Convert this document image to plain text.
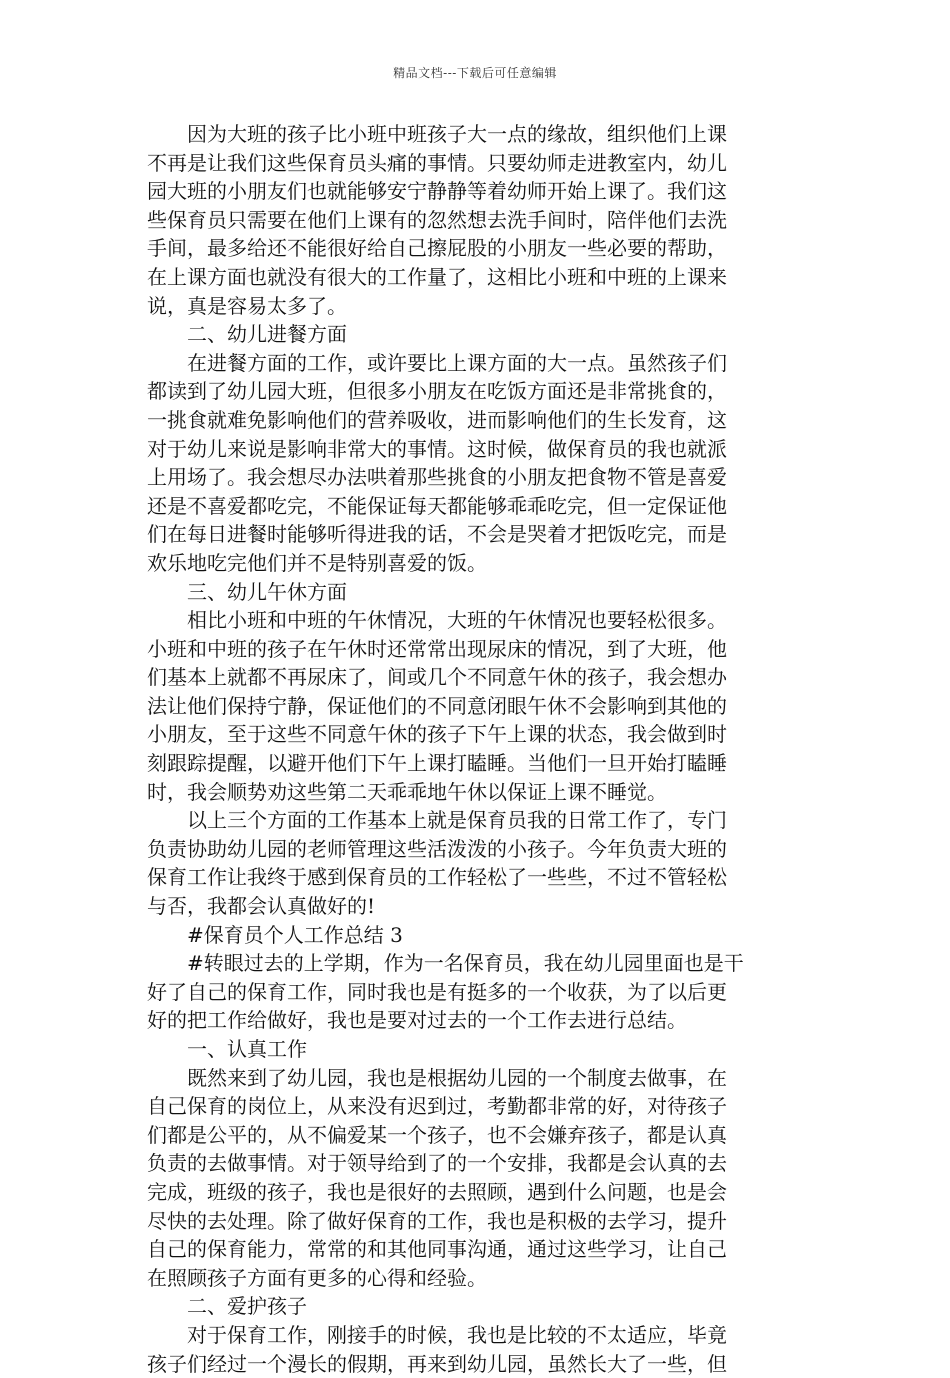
精品文档---下载后可任意编辑
因为大班的孩子比小班中班孩子大一点的缘故，组织他们上课
不再是让我们这些保育员头痛的事情。只要幼师走进教室内，幼儿
园大班的小朋友们也就能够安宁静静等着幼师开始上课了。我们这
些保育员只需要在他们上课有的忽然想去洗手间时，陪伴他们去洗
手间，最多给还不能很好给自己擦屁股的小朋友一些必要的帮助，
在上课方面也就没有很大的工作量了，这相比小班和中班的上课来
说，真是容易太多了。
二、幼儿进餐方面
在进餐方面的工作，或许要比上课方面的大一点。虽然孩子们
都读到了幼儿园大班，但很多小朋友在吃饭方面还是非常挑食的，
一挑食就难免影响他们的营养吸收，进而影响他们的生长发育，这
对于幼儿来说是影响非常大的事情。这时候，做保育员的我也就派
上用场了。我会想尽办法哄着那些挑食的小朋友把食物不管是喜爱
还是不喜爱都吃完，不能保证每天都能够乖乖吃完，但一定保证他
们在每日进餐时能够听得进我的话，不会是哭着才把饭吃完，而是
欢乐地吃完他们并不是特别喜爱的饭。
三、幼儿午休方面
相比小班和中班的午休情况，大班的午休情况也要轻松很多。
小班和中班的孩子在午休时还常常出现尿床的情况，到了大班，他
们基本上就都不再尿床了，间或几个不同意午休的孩子，我会想办
法让他们保持宁静，保证他们的不同意闭眼午休不会影响到其他的
小朋友，至于这些不同意午休的孩子下午上课的状态，我会做到时
刻跟踪提醒，以避开他们下午上课打瞌睡。当他们一旦开始打瞌睡
时，我会顺势劝这些第二天乖乖地午休以保证上课不睡觉。
以上三个方面的工作基本上就是保育员我的日常工作了，专门
负责协助幼儿园的老师管理这些活泼泼的小孩子。今年负责大班的
保育工作让我终于感到保育员的工作轻松了一些些，不过不管轻松
与否，我都会认真做好的!
#保育员个人工作总结 3
#转眼过去的上学期，作为一名保育员，我在幼儿园里面也是干
好了自己的保育工作，同时我也是有挺多的一个收获，为了以后更
好的把工作给做好，我也是要对过去的一个工作去进行总结。
一、认真工作
既然来到了幼儿园，我也是根据幼儿园的一个制度去做事，在
自己保育的岗位上，从来没有迟到过，考勤都非常的好，对待孩子
们都是公平的，从不偏爱某一个孩子，也不会嫌弃孩子，都是认真
负责的去做事情。对于领导给到了的一个安排，我都是会认真的去
完成，班级的孩子，我也是很好的去照顾，遇到什么问题，也是会
尽快的去处理。除了做好保育的工作，我也是积极的去学习，提升
自己的保育能力，常常的和其他同事沟通，通过这些学习，让自己
在照顾孩子方面有更多的心得和经验。
二、爱护孩子
对于保育工作，刚接手的时候，我也是比较的不太适应，毕竟
孩子们经过一个漫长的假期，再来到幼儿园，虽然长大了一些，但
